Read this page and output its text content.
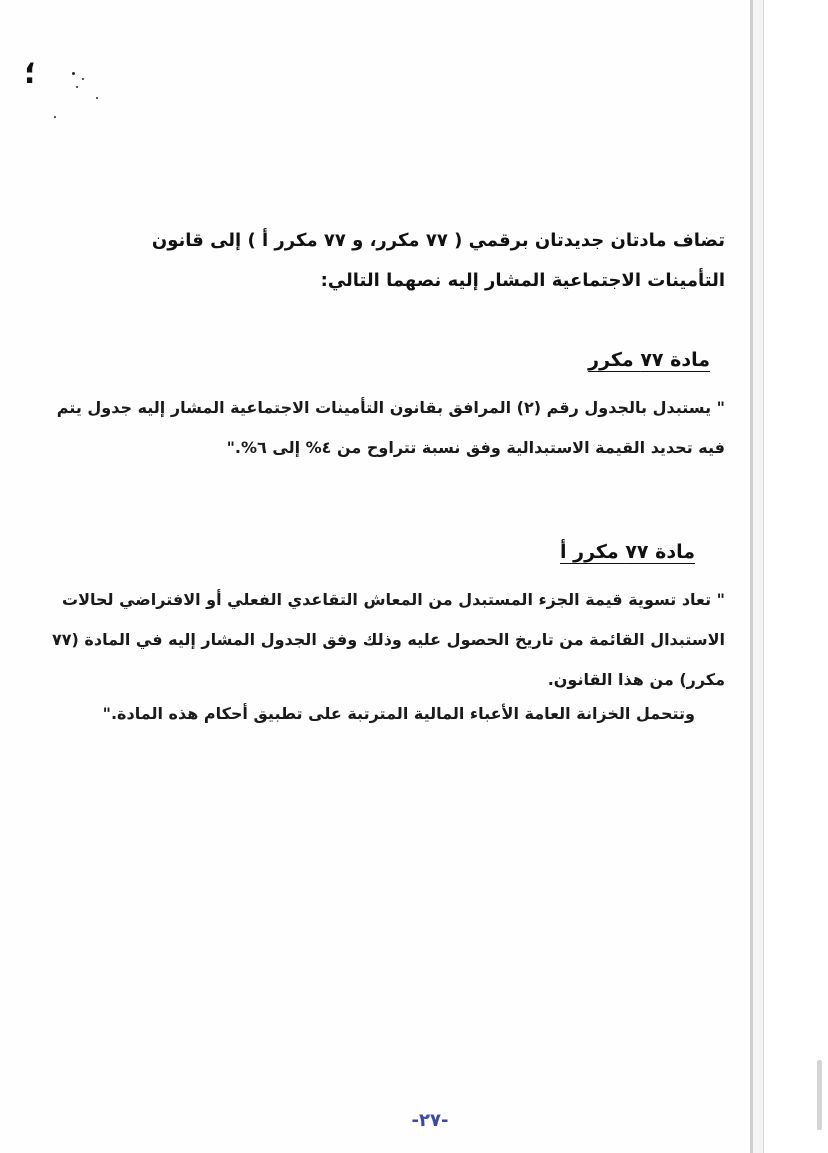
؛
تضاف مادتان جديدتان برقمي ( ٧٧ مكرر، و ٧٧ مكرر أ ) إلى قانون
التأمينات الاجتماعية المشار إليه نصهما التالي:
مادة ٧٧ مكرر
" يستبدل بالجدول رقم (٢) المرافق بقانون التأمينات الاجتماعية المشار إليه جدول يتم
فيه تحديد القيمة الاستبدالية وفق نسبة تتراوح من ٤% إلى ٦%."
مادة ٧٧ مكرر أ
" تعاد تسوية قيمة الجزء المستبدل من المعاش التقاعدي الفعلي أو الافتراضي لحالات
الاستبدال القائمة من تاريخ الحصول عليه وذلك وفق الجدول المشار إليه في المادة (٧٧
مكرر) من هذا القانون.
وتتحمل الخزانة العامة الأعباء المالية المترتبة على تطبيق أحكام هذه المادة."
-٢٧-
